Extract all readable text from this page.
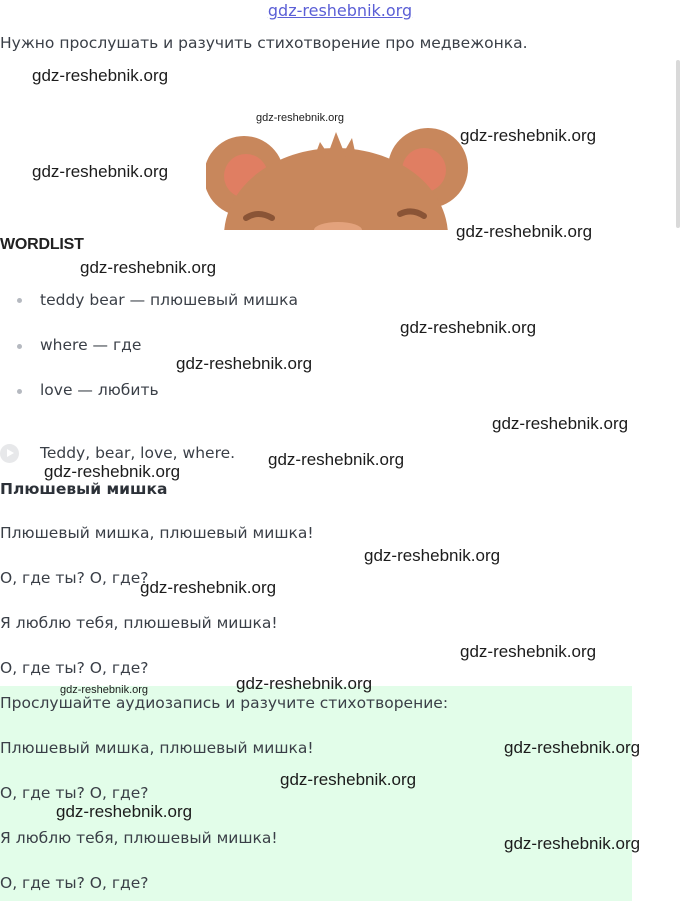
gdz-reshebnik.org
Нужно прослушать и разучить стихотворение про медвежонка.
WORDLIST
teddy bear — плюшевый мишка
where — где
love — любить
Teddy, bear, love, where.
Плюшевый мишка
Плюшевый мишка, плюшевый мишка!
O, где ты? O, где?
Я люблю тебя, плюшевый мишка!
O, где ты? O, где?
Прослушайте аудиозапись и разучите стихотворение:
Плюшевый мишка, плюшевый мишка!
O, где ты? O, где?
Я люблю тебя, плюшевый мишка!
O, где ты? O, где?
gdz-reshebnik.org
gdz-reshebnik.org
gdz-reshebnik.org
gdz-reshebnik.org
gdz-reshebnik.org
gdz-reshebnik.org
gdz-reshebnik.org
gdz-reshebnik.org
gdz-reshebnik.org
gdz-reshebnik.org
gdz-reshebnik.org
gdz-reshebnik.org
gdz-reshebnik.org
gdz-reshebnik.org
gdz-reshebnik.org	gdz-reshebnik.org
gdz-reshebnik.org
gdz-reshebnik.org
gdz-reshebnik.org
gdz-reshebnik.org
